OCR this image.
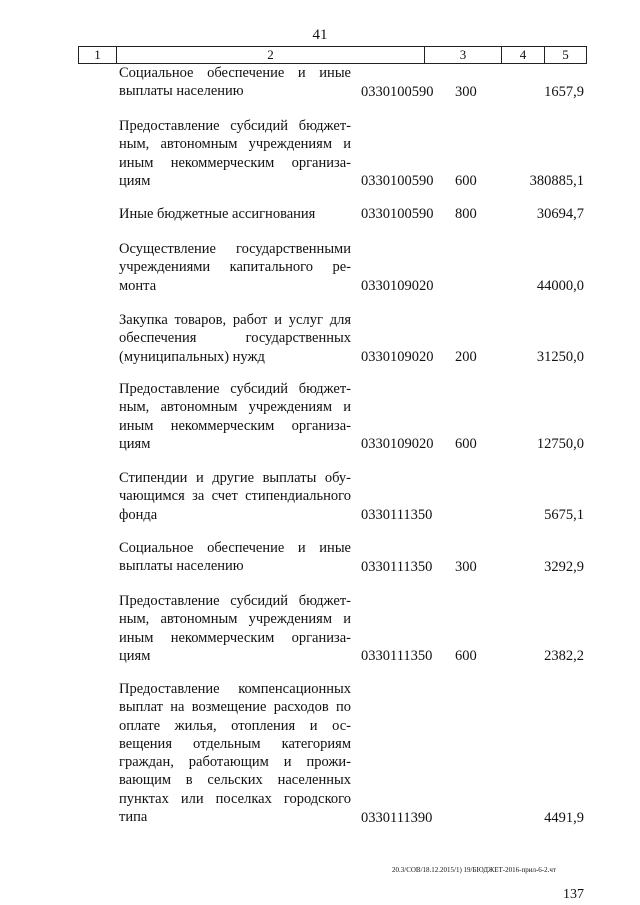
41
1	2	3	4	5
Социальное обеспечение и иные выплаты населению	0330100590 300	1657,9
Предоставление субсидий бюджет-ным, автономным учреждениям и иным некоммерческим организа-циям	0330100590 600	380885,1
Иные бюджетные ассигнования	0330100590 800	30694,7
Осуществление государственными учреждениями капитального ре-монта	0330109020	44000,0
Закупка товаров, работ и услуг для обеспечения государственных (муниципальных) нужд	0330109020 200	31250,0
Предоставление субсидий бюджет-ным, автономным учреждениям и иным некоммерческим организа-циям	0330109020 600	12750,0
Стипендии и другие выплаты обу-чающимся за счет стипендиального фонда	0330111350	5675,1
Социальное обеспечение и иные выплаты населению	0330111350 300	3292,9
Предоставление субсидий бюджет-ным, автономным учреждениям и иным некоммерческим организа-циям	0330111350 600	2382,2
Предоставление компенсационных выплат на возмещение расходов по оплате жилья, отопления и ос-вещения отдельным категориям граждан, работающим и прожи-вающим в сельских населенных пунктах или поселках городского типа	0330111390	4491,9
20.3/СОВ/18.12.2015/1) 19/БЮДЖЕТ-2016-прил-6-2.чт
137
